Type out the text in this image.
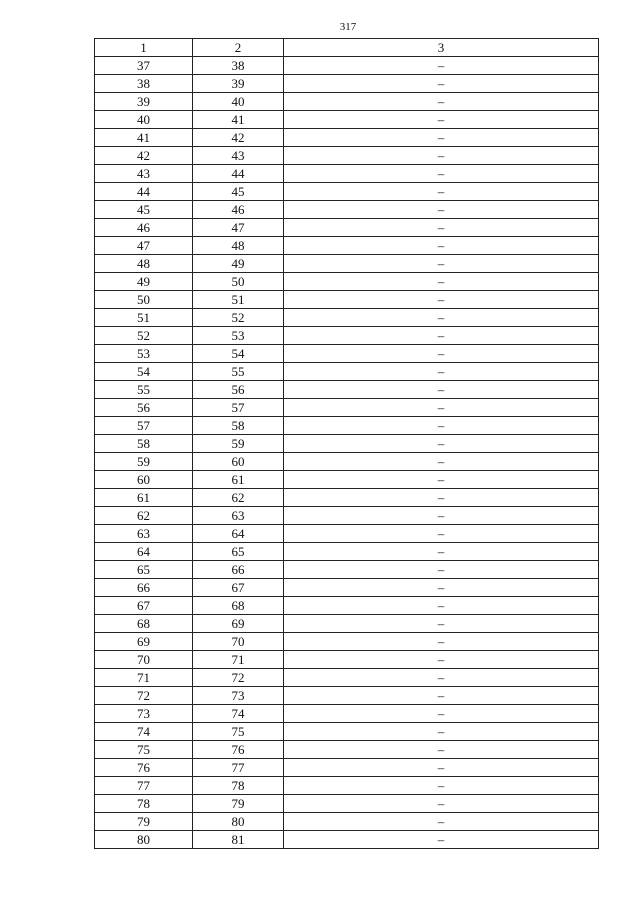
317
1	2	3
37	38	–
38	39	–
39	40	–
40	41	–
41	42	–
42	43	–
43	44	–
44	45	–
45	46	–
46	47	–
47	48	–
48	49	–
49	50	–
50	51	–
51	52	–
52	53	–
53	54	–
54	55	–
55	56	–
56	57	–
57	58	–
58	59	–
59	60	–
60	61	–
61	62	–
62	63	–
63	64	–
64	65	–
65	66	–
66	67	–
67	68	–
68	69	–
69	70	–
70	71	–
71	72	–
72	73	–
73	74	–
74	75	–
75	76	–
76	77	–
77	78	–
78	79	–
79	80	–
80	81	–
